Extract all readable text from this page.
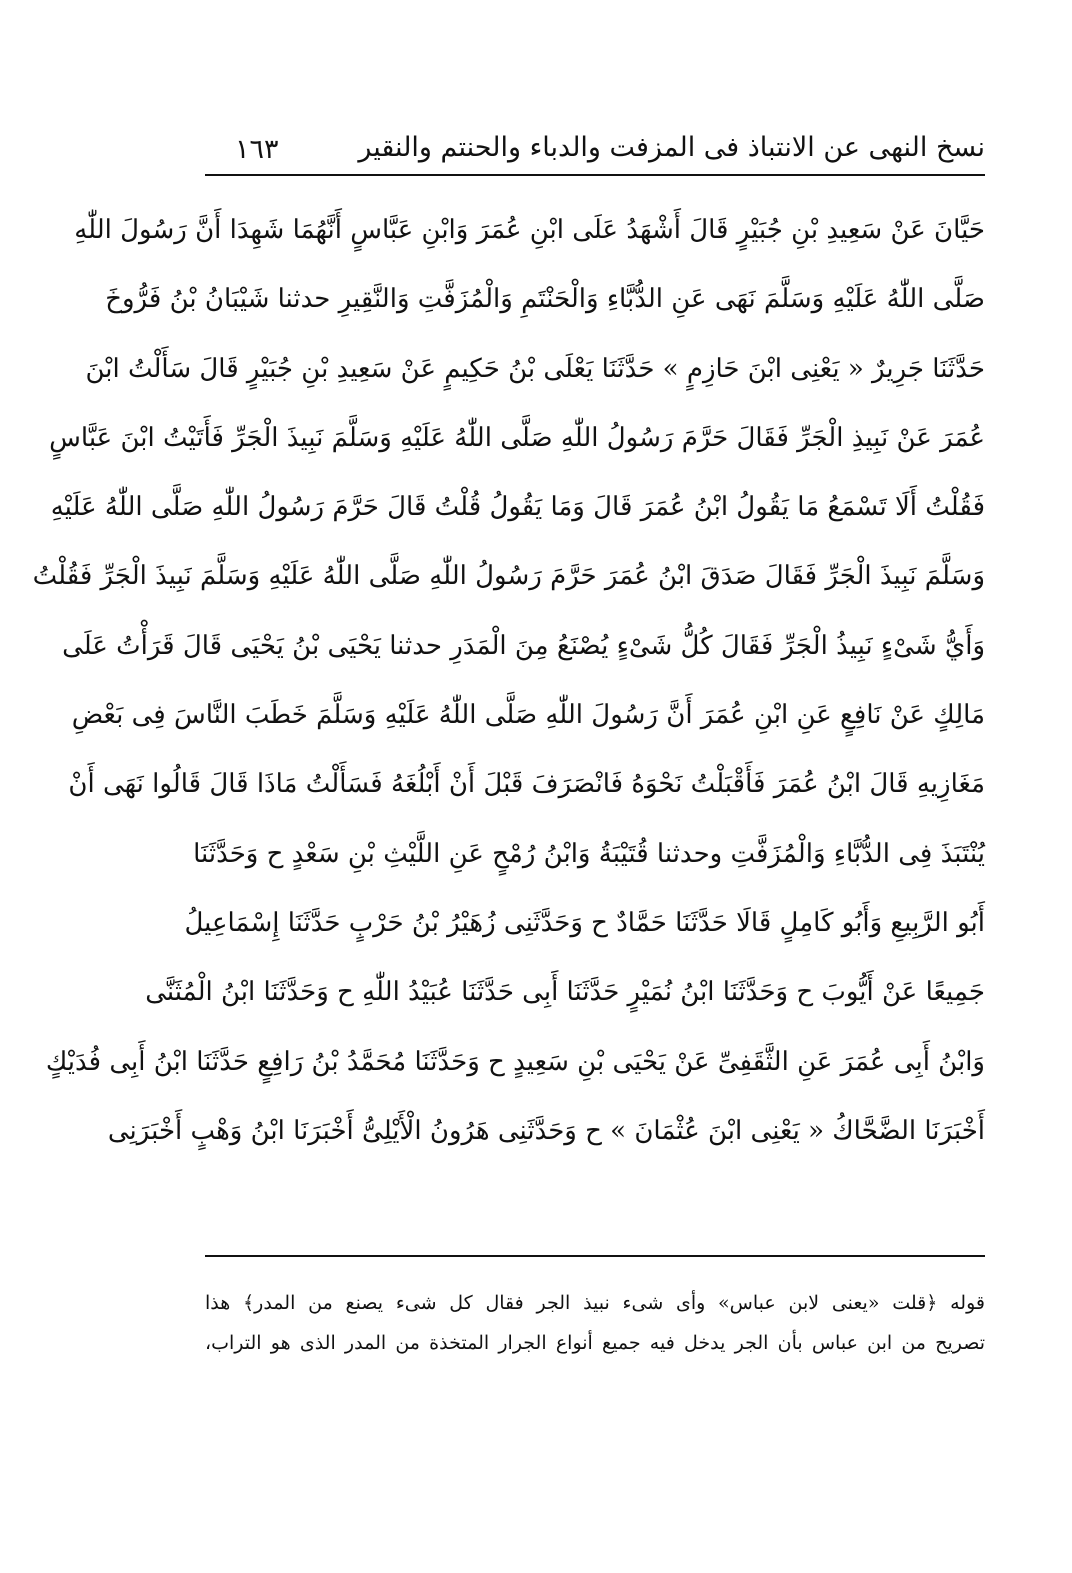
نسخ النهى عن الانتباذ فى المزفت والدباء والحنتم والنقير
١٦٣
حَيَّانَ عَنْ سَعِيدِ بْنِ جُبَيْرٍ قَالَ أَشْهَدُ عَلَى ابْنِ عُمَرَ وَابْنِ عَبَّاسٍ أَنَّهُمَا شَهِدَا أَنَّ رَسُولَ اللّٰهِ
صَلَّى اللّٰهُ عَلَيْهِ وَسَلَّمَ نَهَى عَنِ الدُّبَّاءِ وَالْحَنْتَمِ وَالْمُزَفَّتِ وَالنَّقِيرِ حدثنا شَيْبَانُ بْنُ فَرُّوخَ
حَدَّثَنَا جَرِيرٌ « يَعْنِى ابْنَ حَازِمٍ » حَدَّثَنَا يَعْلَى بْنُ حَكِيمٍ عَنْ سَعِيدِ بْنِ جُبَيْرٍ قَالَ سَأَلْتُ ابْنَ
عُمَرَ عَنْ نَبِيذِ الْجَرِّ فَقَالَ حَرَّمَ رَسُولُ اللّٰهِ صَلَّى اللّٰهُ عَلَيْهِ وَسَلَّمَ نَبِيذَ الْجَرِّ فَأَتَيْتُ ابْنَ عَبَّاسٍ
فَقُلْتُ أَلَا تَسْمَعُ مَا يَقُولُ ابْنُ عُمَرَ قَالَ وَمَا يَقُولُ قُلْتُ قَالَ حَرَّمَ رَسُولُ اللّٰهِ صَلَّى اللّٰهُ عَلَيْهِ
وَسَلَّمَ نَبِيذَ الْجَرِّ فَقَالَ صَدَقَ ابْنُ عُمَرَ حَرَّمَ رَسُولُ اللّٰهِ صَلَّى اللّٰهُ عَلَيْهِ وَسَلَّمَ نَبِيذَ الْجَرِّ فَقُلْتُ
وَأَيُّ شَىْءٍ نَبِيذُ الْجَرِّ فَقَالَ كُلُّ شَىْءٍ يُصْنَعُ مِنَ الْمَدَرِ حدثنا يَحْيَى بْنُ يَحْيَى قَالَ قَرَأْتُ عَلَى
مَالِكٍ عَنْ نَافِعٍ عَنِ ابْنِ عُمَرَ أَنَّ رَسُولَ اللّٰهِ صَلَّى اللّٰهُ عَلَيْهِ وَسَلَّمَ خَطَبَ النَّاسَ فِى بَعْضِ
مَغَازِيهِ قَالَ ابْنُ عُمَرَ فَأَقْبَلْتُ نَحْوَهُ فَانْصَرَفَ قَبْلَ أَنْ أَبْلُغَهُ فَسَأَلْتُ مَاذَا قَالَ قَالُوا نَهَى أَنْ
يُنْتَبَذَ فِى الدُّبَّاءِ وَالْمُزَفَّتِ وحدثنا قُتَيْبَةُ وَابْنُ رُمْحٍ عَنِ اللَّيْثِ بْنِ سَعْدٍ ح وَحَدَّثَنَا
أَبُو الرَّبِيعِ وَأَبُو كَامِلٍ قَالَا حَدَّثَنَا حَمَّادٌ ح وَحَدَّثَنِى زُهَيْرُ بْنُ حَرْبٍ حَدَّثَنَا إِسْمَاعِيلُ
جَمِيعًا عَنْ أَيُّوبَ ح وَحَدَّثَنَا ابْنُ نُمَيْرٍ حَدَّثَنَا أَبِى حَدَّثَنَا عُبَيْدُ اللّٰهِ ح وَحَدَّثَنَا ابْنُ الْمُثَنَّى
وَابْنُ أَبِى عُمَرَ عَنِ الثَّقَفِىِّ عَنْ يَحْيَى بْنِ سَعِيدٍ ح وَحَدَّثَنَا مُحَمَّدُ بْنُ رَافِعٍ حَدَّثَنَا ابْنُ أَبِى فُدَيْكٍ
أَخْبَرَنَا الضَّحَّاكُ « يَعْنِى ابْنَ عُثْمَانَ » ح وَحَدَّثَنِى هَرُونُ الْأَيْلِىُّ أَخْبَرَنَا ابْنُ وَهْبٍ أَخْبَرَنِى
قوله ﴿قلت «يعنى لابن عباس» وأى شىء نبيذ الجر فقال كل شىء يصنع من المدر﴾ هذا
تصريح من ابن عباس بأن الجر يدخل فيه جميع أنواع الجرار المتخذة من المدر الذى هو التراب،
